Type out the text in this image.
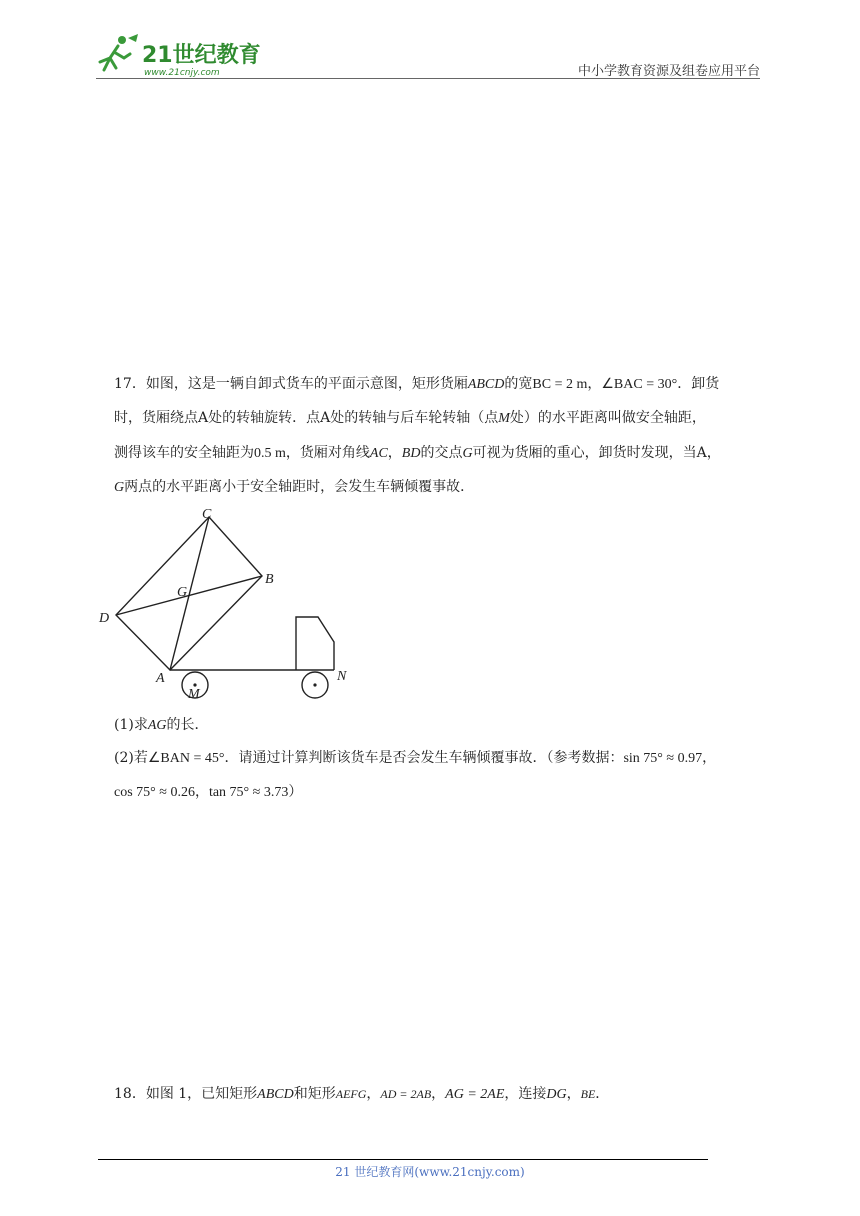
21世纪教育
www.21cnjy.com	中小学教育资源及组卷应用平台
17．如图，这是一辆自卸式货车的平面示意图，矩形货厢ABCD的宽BC = 2 m，∠BAC = 30°．卸货
时，货厢绕点A处的转轴旋转．点A处的转轴与后车轮转轴（点M处）的水平距离叫做安全轴距，
测得该车的安全轴距为0.5 m，货厢对角线AC，BD的交点G可视为货厢的重心，卸货时发现，当A，
G两点的水平距离小于安全轴距时，会发生车辆倾覆事故．
C
B
G
D
A
M
N
(1)求AG的长．
(2)若∠BAN = 45°．请通过计算判断该货车是否会发生车辆倾覆事故．（参考数据：sin 75° ≈ 0.97，
cos 75° ≈ 0.26，tan 75° ≈ 3.73）
18．如图 1，已知矩形ABCD和矩形AEFG，AD = 2AB，AG = 2AE，连接DG，BE．
21 世纪教育网(www.21cnjy.com)
